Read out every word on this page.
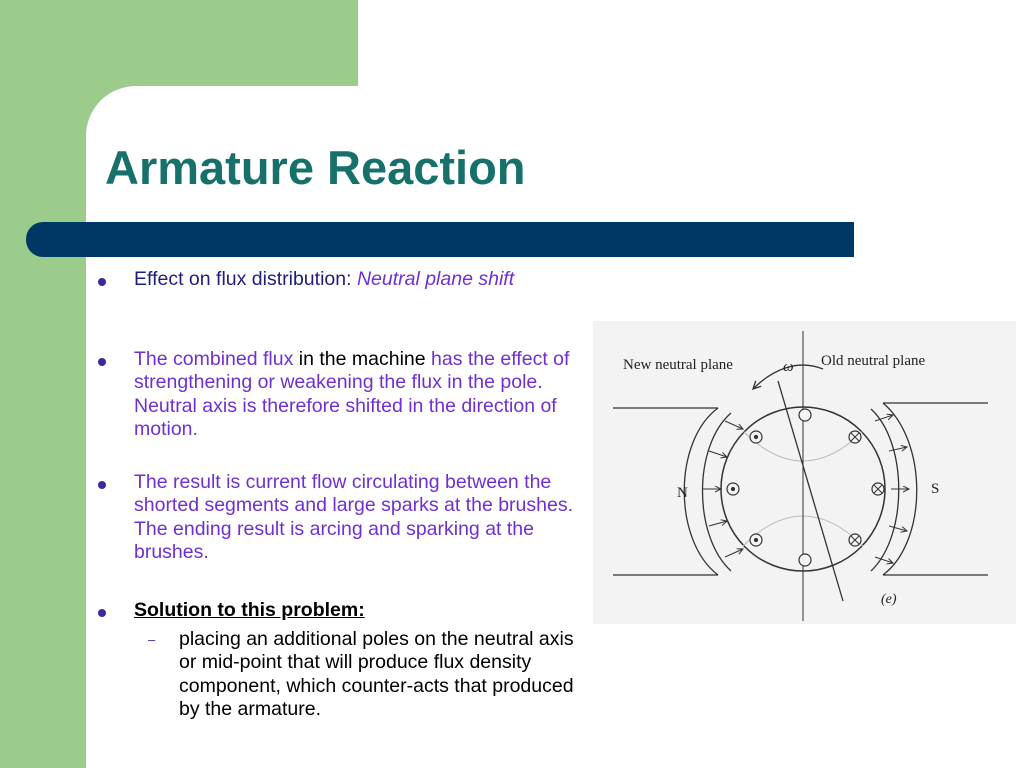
Armature Reaction
Effect on flux distribution: Neutral plane shift
The combined flux in the machine has the effect of strengthening or weakening the flux in the pole. Neutral axis is therefore shifted in the direction of motion.
The result is current flow circulating between the shorted segments and large sparks at the brushes. The ending result is arcing and sparking at the brushes.
Solution to this problem:
– placing an additional poles on the neutral axis or mid-point that will produce flux density component, which counter-acts that produced by the armature.
New neutral plane	ω Old neutral plane
N	S
(e)
